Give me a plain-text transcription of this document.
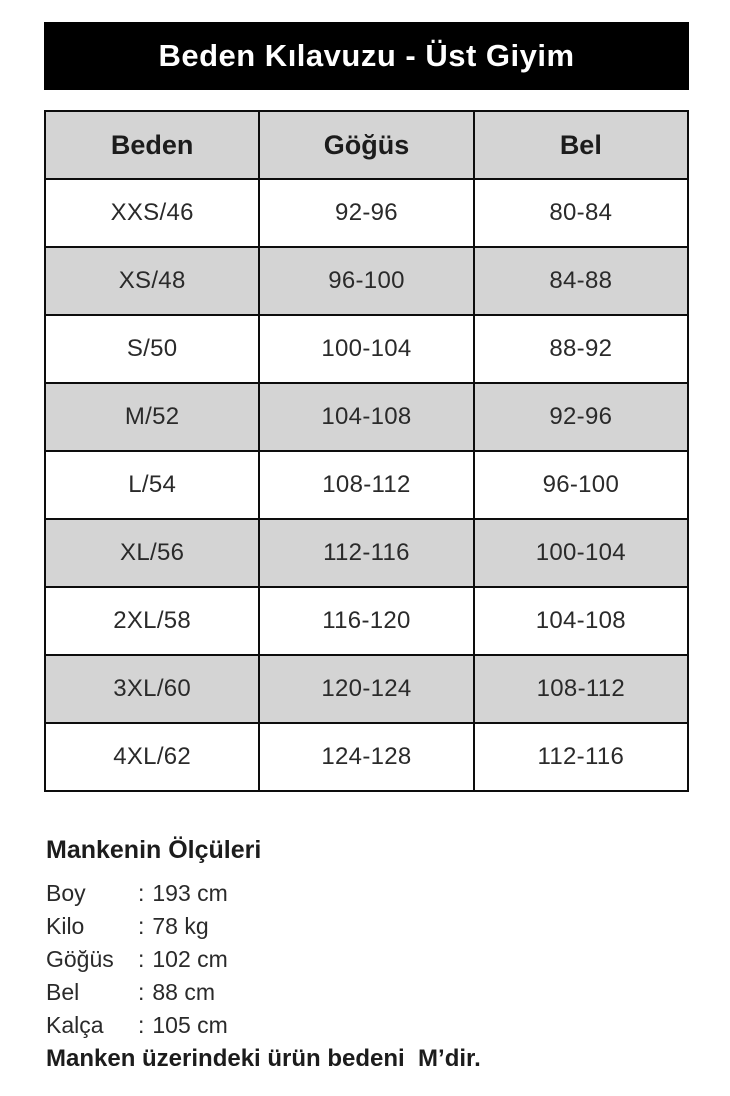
Beden Kılavuzu - Üst Giyim
Beden	Göğüs	Bel
XXS/46	92-96	80-84
XS/48	96-100	84-88
S/50	100-104	88-92
M/52	104-108	92-96
L/54	108-112	96-100
XL/56	112-116	100-104
2XL/58	116-120	104-108
3XL/60	120-124	108-112
4XL/62	124-128	112-116
Mankenin Ölçüleri
Boy	: 193 cm
Kilo	: 78 kg
Göğüs	: 102 cm
Bel	: 88 cm
Kalça	: 105 cm
Manken üzerindeki ürün bedeni  M’dir.
